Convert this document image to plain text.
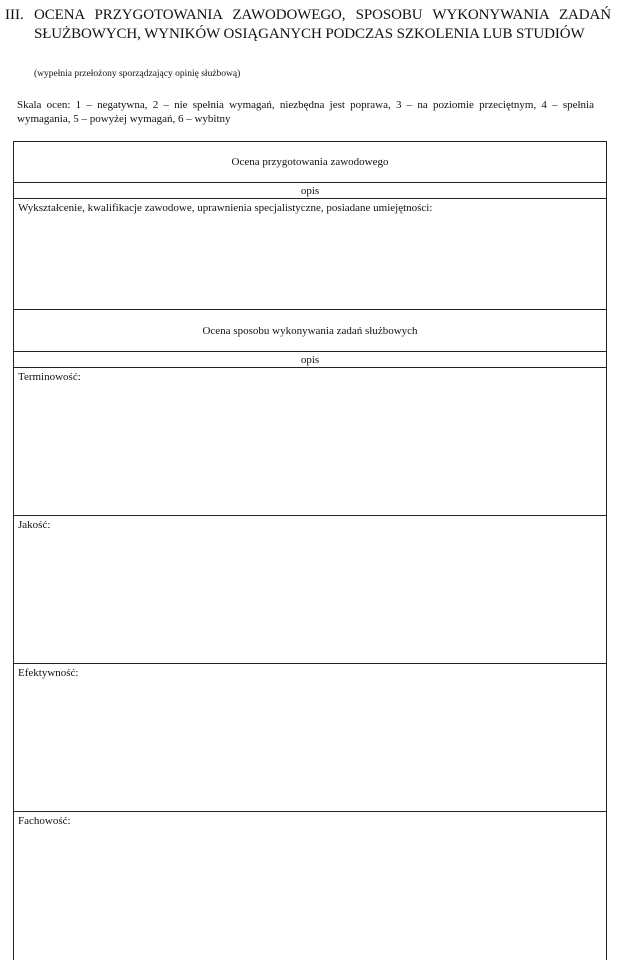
III. OCENA PRZYGOTOWANIA ZAWODOWEGO, SPOSOBU WYKONYWANIA ZADAŃ SŁUŻBOWYCH, WYNIKÓW OSIĄGANYCH PODCZAS SZKOLENIA LUB STUDIÓW
(wypełnia przełożony sporządzający opinię służbową)
Skala ocen: 1 – negatywna, 2 – nie spełnia wymagań, niezbędna jest poprawa, 3 – na poziomie przeciętnym, 4 – spełnia wymagania, 5 – powyżej wymagań, 6 – wybitny
Ocena przygotowania zawodowego
opis
Wykształcenie, kwalifikacje zawodowe, uprawnienia specjalistyczne, posiadane umiejętności:
Ocena sposobu wykonywania zadań służbowych
opis
Terminowość:
Jakość:
Efektywność:
Fachowość:
